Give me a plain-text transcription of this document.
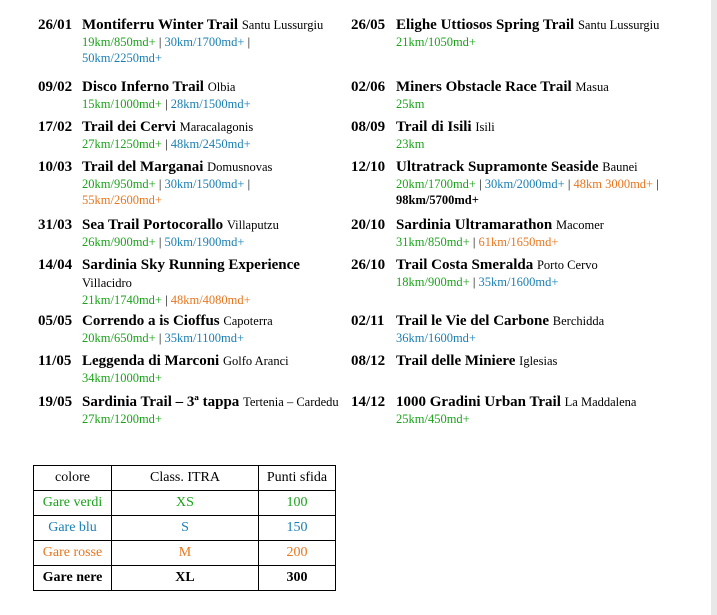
26/01 Montiferru Winter Trail Santu Lussurgiu
19km/850md+ | 30km/1700md+ |
50km/2250md+
09/02 Disco Inferno Trail Olbia
15km/1000md+ | 28km/1500md+
17/02 Trail dei Cervi Maracalagonis
27km/1250md+ | 48km/2450md+
10/03 Trail del Marganai Domusnovas
20km/950md+ | 30km/1500md+ |
55km/2600md+
31/03 Sea Trail Portocorallo Villaputzu
26km/900md+ | 50km/1900md+
14/04 Sardinia Sky Running Experience
Villacidro
21km/1740md+ | 48km/4080md+
05/05 Correndo a is Cioffus Capoterra
20km/650md+ | 35km/1100md+
11/05 Leggenda di Marconi Golfo Aranci
34km/1000md+
19/05 Sardinia Trail – 3ª tappa Tertenia – Cardedu
27km/1200md+
26/05 Elighe Uttiosos Spring Trail Santu Lussurgiu
21km/1050md+
02/06 Miners Obstacle Race Trail Masua
25km
08/09 Trail di Isili Isili
23km
12/10 Ultratrack Supramonte Seaside Baunei
20km/1700md+ | 30km/2000md+ | 48km 3000md+ |
98km/5700md+
20/10 Sardinia Ultramarathon Macomer
31km/850md+ | 61km/1650md+
26/10 Trail Costa Smeralda Porto Cervo
18km/900md+ | 35km/1600md+
02/11 Trail le Vie del Carbone Berchidda
36km/1600md+
08/12 Trail delle Miniere Iglesias
14/12 1000 Gradini Urban Trail La Maddalena
25km/450md+
colore	Class. ITRA	Punti sfida
Gare verdi	XS	100
Gare blu	S	150
Gare rosse	M	200
Gare nere	XL	300
